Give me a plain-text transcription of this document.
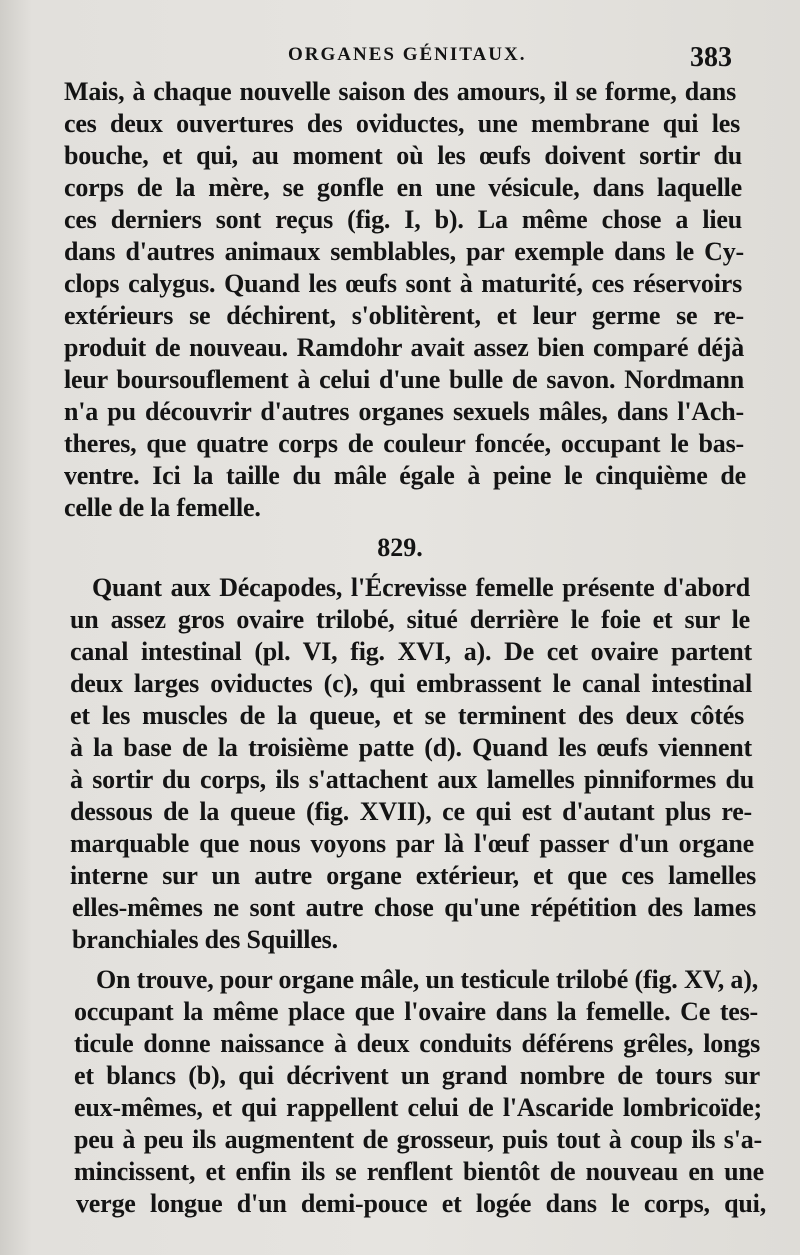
ORGANES GÉNITAUX.	383
Mais, à chaque nouvelle saison des amours, il se forme, dans
ces deux ouvertures des oviductes, une membrane qui les
bouche, et qui, au moment où les œufs doivent sortir du
corps de la mère, se gonfle en une vésicule, dans laquelle
ces derniers sont reçus (fig. I, b). La même chose a lieu
dans d'autres animaux semblables, par exemple dans le Cy-
clops calygus. Quand les œufs sont à maturité, ces réservoirs
extérieurs se déchirent, s'oblitèrent, et leur germe se re-
produit de nouveau. Ramdohr avait assez bien comparé déjà
leur boursouflement à celui d'une bulle de savon. Nordmann
n'a pu découvrir d'autres organes sexuels mâles, dans l'Ach-
theres, que quatre corps de couleur foncée, occupant le bas-
ventre. Ici la taille du mâle égale à peine le cinquième de
celle de la femelle.
829.
Quant aux Décapodes, l'Écrevisse femelle présente d'abord
un assez gros ovaire trilobé, situé derrière le foie et sur le
canal intestinal (pl. VI, fig. XVI, a). De cet ovaire partent
deux larges oviductes (c), qui embrassent le canal intestinal
et les muscles de la queue, et se terminent des deux côtés
à la base de la troisième patte (d). Quand les œufs viennent
à sortir du corps, ils s'attachent aux lamelles pinniformes du
dessous de la queue (fig. XVII), ce qui est d'autant plus re-
marquable que nous voyons par là l'œuf passer d'un organe
interne sur un autre organe extérieur, et que ces lamelles
elles-mêmes ne sont autre chose qu'une répétition des lames
branchiales des Squilles.
On trouve, pour organe mâle, un testicule trilobé (fig. XV, a),
occupant la même place que l'ovaire dans la femelle. Ce tes-
ticule donne naissance à deux conduits déférens grêles, longs
et blancs (b), qui décrivent un grand nombre de tours sur
eux-mêmes, et qui rappellent celui de l'Ascaride lombricoïde;
peu à peu ils augmentent de grosseur, puis tout à coup ils s'a-
mincissent, et enfin ils se renflent bientôt de nouveau en une
verge longue d'un demi-pouce et logée dans le corps, qui,
